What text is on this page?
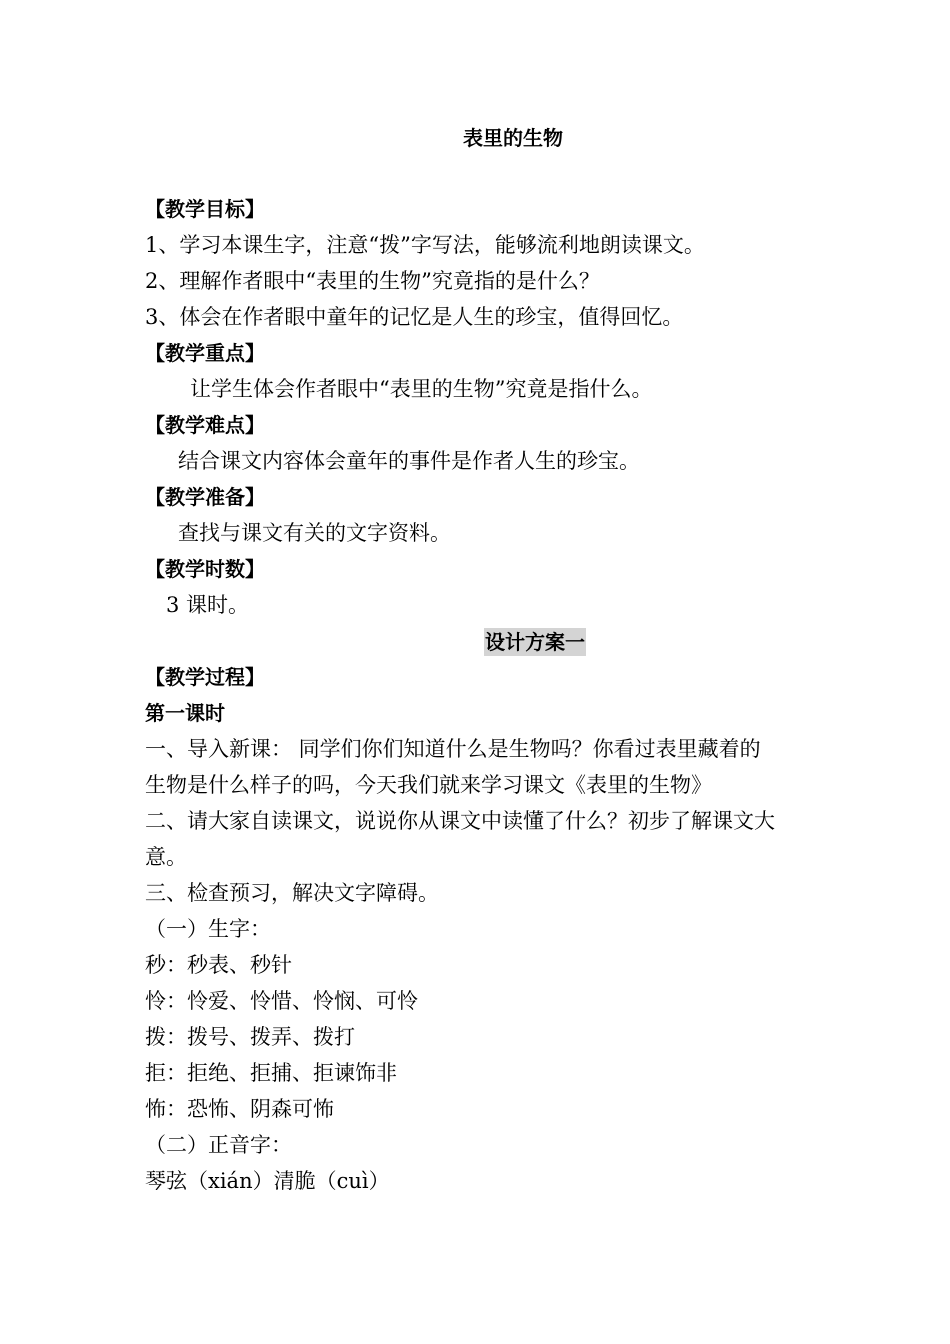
表里的生物
【教学目标】
1、学习本课生字，注意“拨”字写法，能够流利地朗读课文。
2、理解作者眼中“表里的生物”究竟指的是什么？
3、体会在作者眼中童年的记忆是人生的珍宝，值得回忆。
【教学重点】
让学生体会作者眼中“表里的生物”究竟是指什么。
【教学难点】
结合课文内容体会童年的事件是作者人生的珍宝。
【教学准备】
查找与课文有关的文字资料。
【教学时数】
3 课时。
设计方案一
【教学过程】
第一课时
一、导入新课： 同学们你们知道什么是生物吗？你看过表里藏着的
生物是什么样子的吗，今天我们就来学习课文《表里的生物》
二、请大家自读课文，说说你从课文中读懂了什么？初步了解课文大
意。
三、检查预习，解决文字障碍。
（一）生字：
秒：秒表、秒针
怜：怜爱、怜惜、怜悯、可怜
拨：拨号、拨弄、拨打
拒：拒绝、拒捕、拒谏饰非
怖：恐怖、阴森可怖
（二）正音字：
琴弦（xián）清脆（cuì）
